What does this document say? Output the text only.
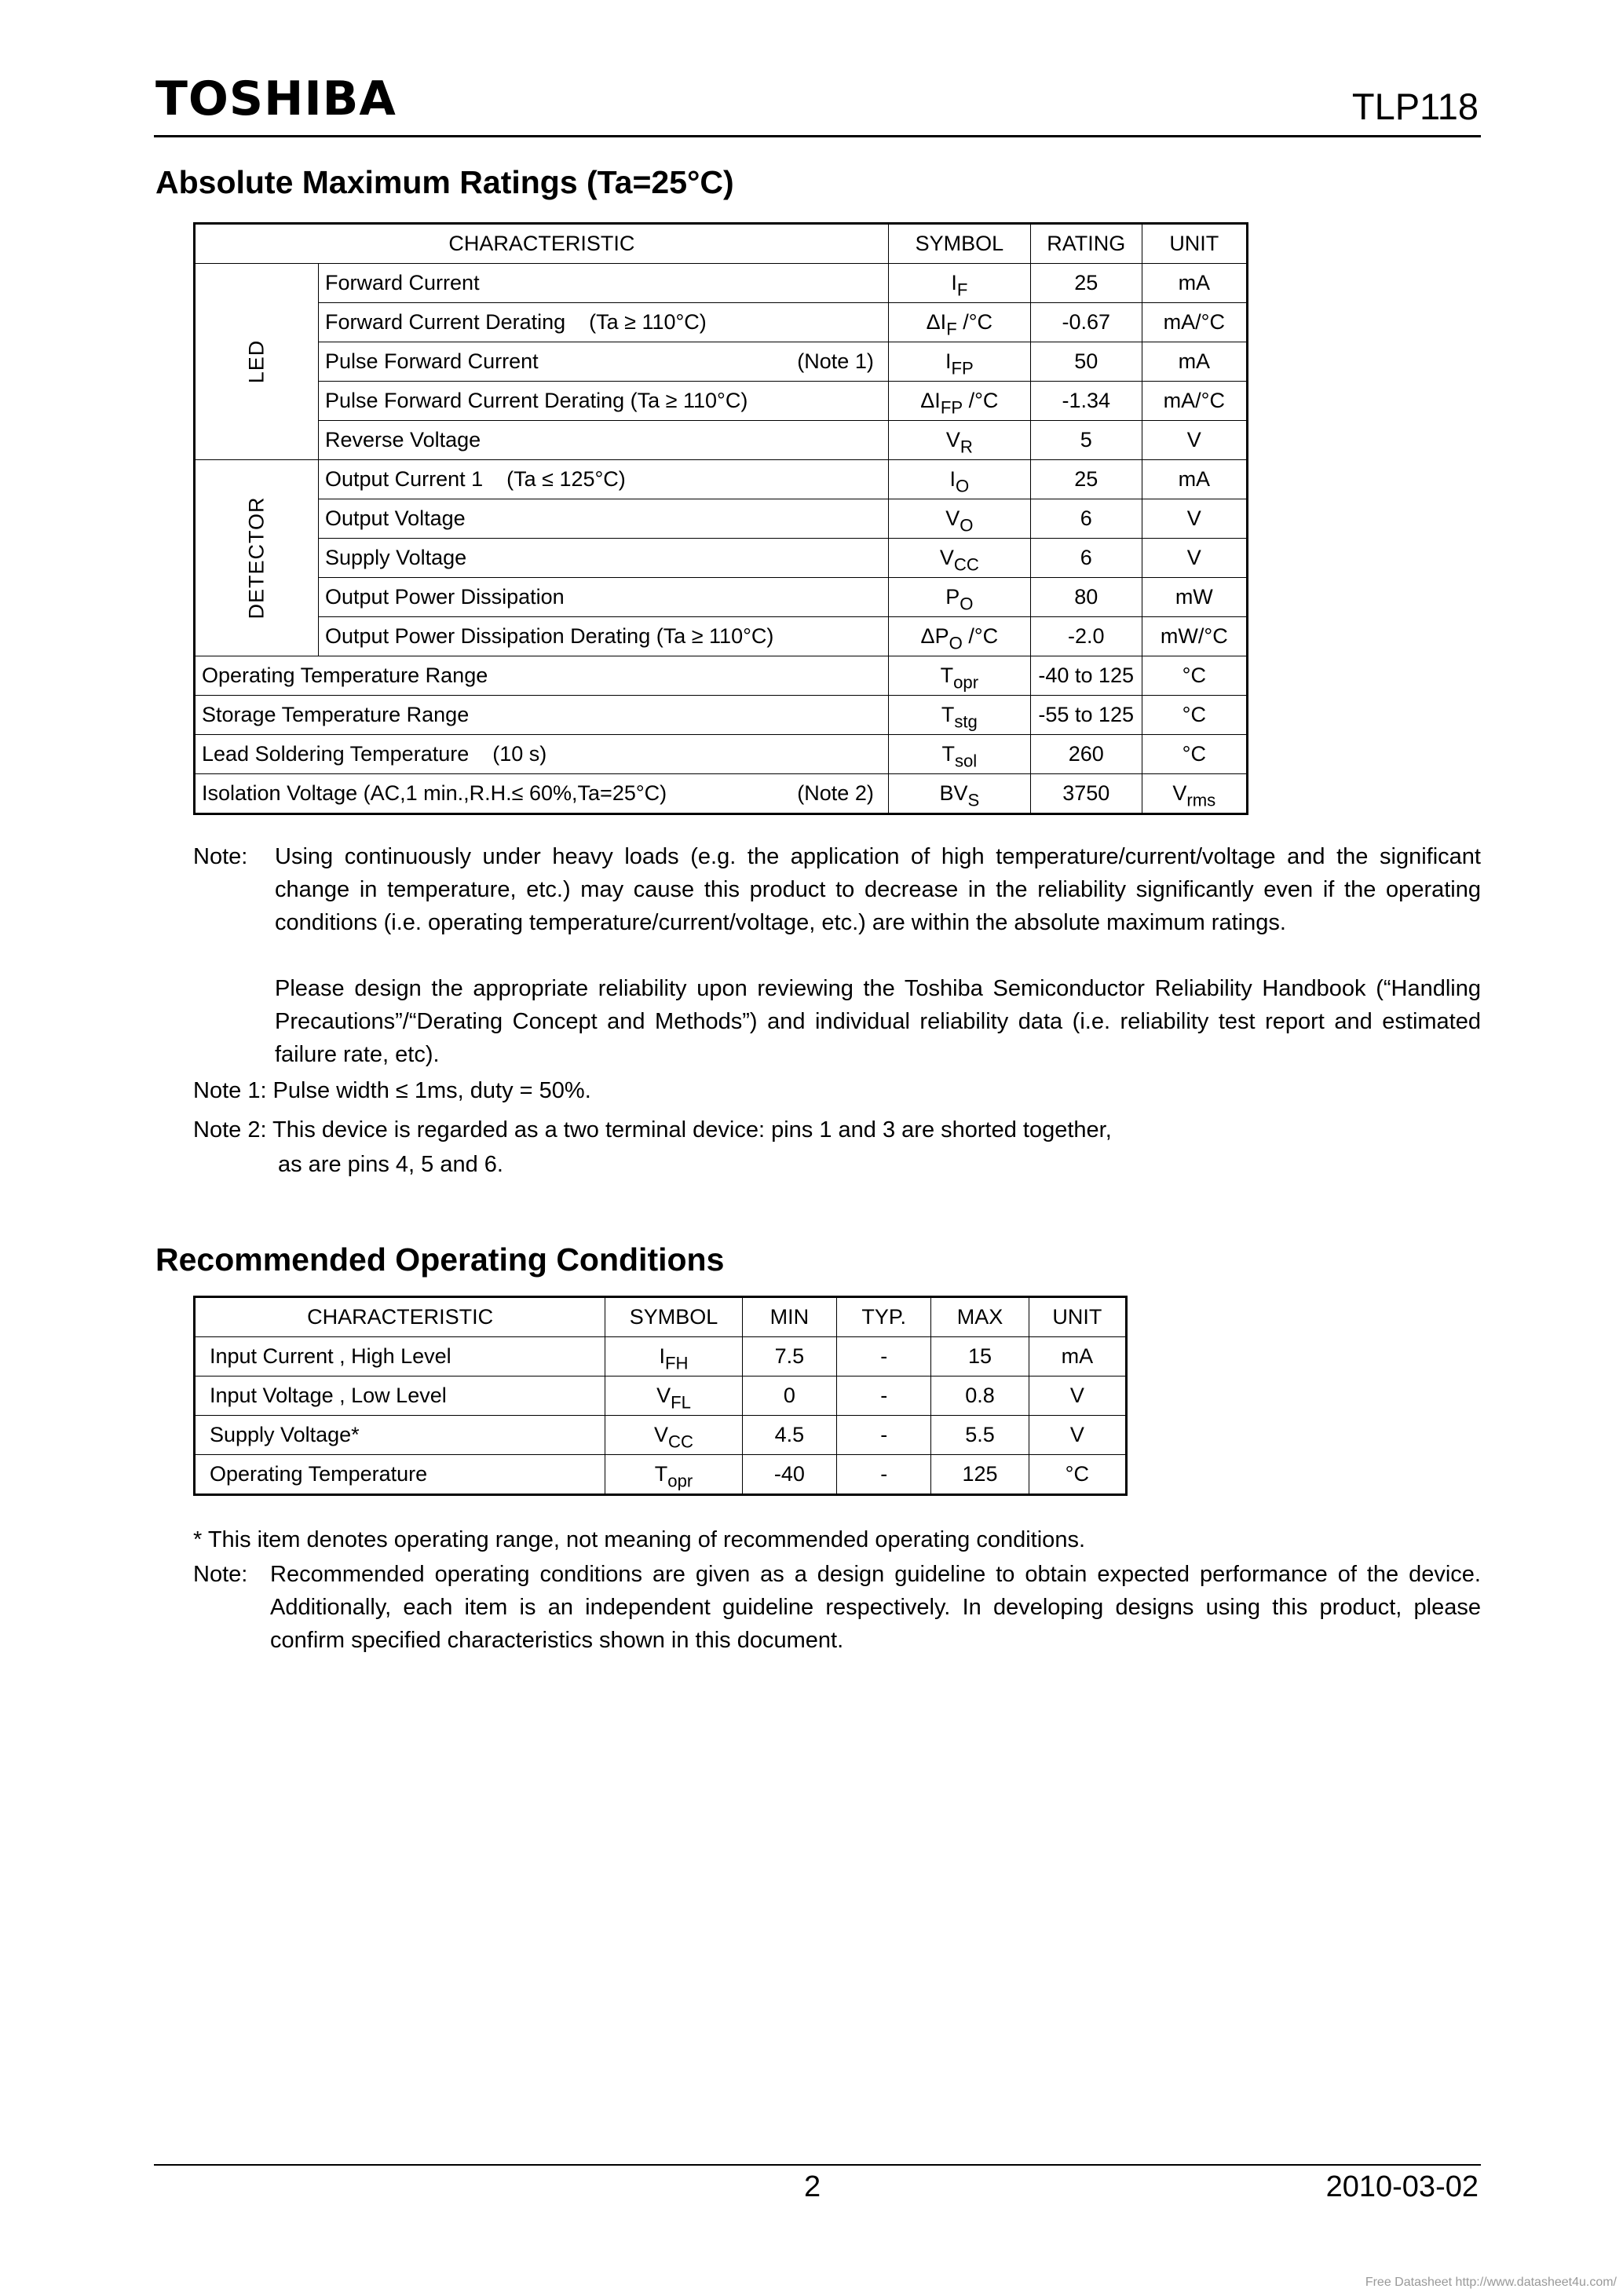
TOSHIBA	TLP118
Absolute Maximum Ratings (Ta=25°C)
CHARACTERISTIC		SYMBOL	RATING	UNIT
LED	Forward Current	$I_F$	25	mA

	Forward Current Derating    (Ta ≥ 110°C)	$\Delta I_F$ /°C	-0.67	mA/°C

	Pulse Forward Current (Note 1)	$I_{FP}$	50	mA

	Pulse Forward Current Derating (Ta ≥ 110°C)	$\Delta I_{FP}$ /°C	-1.34	mA/°C

	Reverse Voltage	$V_R$	5	V
DETECTOR	Output Current 1    (Ta ≤ 125°C)	$I_O$	25	mA

	Output Voltage	$V_O$	6	V

	Supply Voltage	$V_{CC}$	6	V

	Output Power Dissipation	$P_O$	80	mW

	Output Power Dissipation Derating (Ta ≥ 110°C)	$\Delta P_O$ /°C	-2.0	mW/°C

Operating Temperature Range		$T_{opr}$	-40 to 125	°C

Storage Temperature Range		$T_{stg}$	-55 to 125	°C

Lead Soldering Temperature    (10 s)		$T_{sol}$	260	°C

Isolation Voltage (AC,1 min.,R.H.≤ 60%,Ta=25°C) (Note 2)		$BV_S$	3750	$V_{rms}$
Note:	Using continuously under heavy loads (e.g. the application of high temperature/current/voltage and the significant change in temperature, etc.) may cause this product to decrease in the reliability significantly even if the operating conditions (i.e. operating temperature/current/voltage, etc.) are within the absolute maximum ratings.
Please design the appropriate reliability upon reviewing the Toshiba Semiconductor Reliability Handbook (“Handling Precautions”/“Derating Concept and Methods”) and individual reliability data (i.e. reliability test report and estimated failure rate, etc).
Note 1: Pulse width ≤ 1ms, duty = 50%.
Note 2: This device is regarded as a two terminal device: pins 1 and 3 are shorted together,
as are pins 4, 5 and 6.
Recommended Operating Conditions
CHARACTERISTIC	SYMBOL	MIN	TYP.	MAX	UNIT
Input Current , High Level	$I_{FH}$	7.5	-	15	mA
Input Voltage , Low Level	$V_{FL}$	0	-	0.8	V
Supply Voltage*	$V_{CC}$	4.5	-	5.5	V
Operating Temperature	$T_{opr}$	-40	-	125	°C
* This item denotes operating range, not meaning of recommended operating conditions.
Note: Recommended operating conditions are given as a design guideline to obtain expected performance of the device. Additionally, each item is an independent guideline respectively. In developing designs using this product, please confirm specified characteristics shown in this document.
2	2010-03-02
Free Datasheet http://www.datasheet4u.com/
